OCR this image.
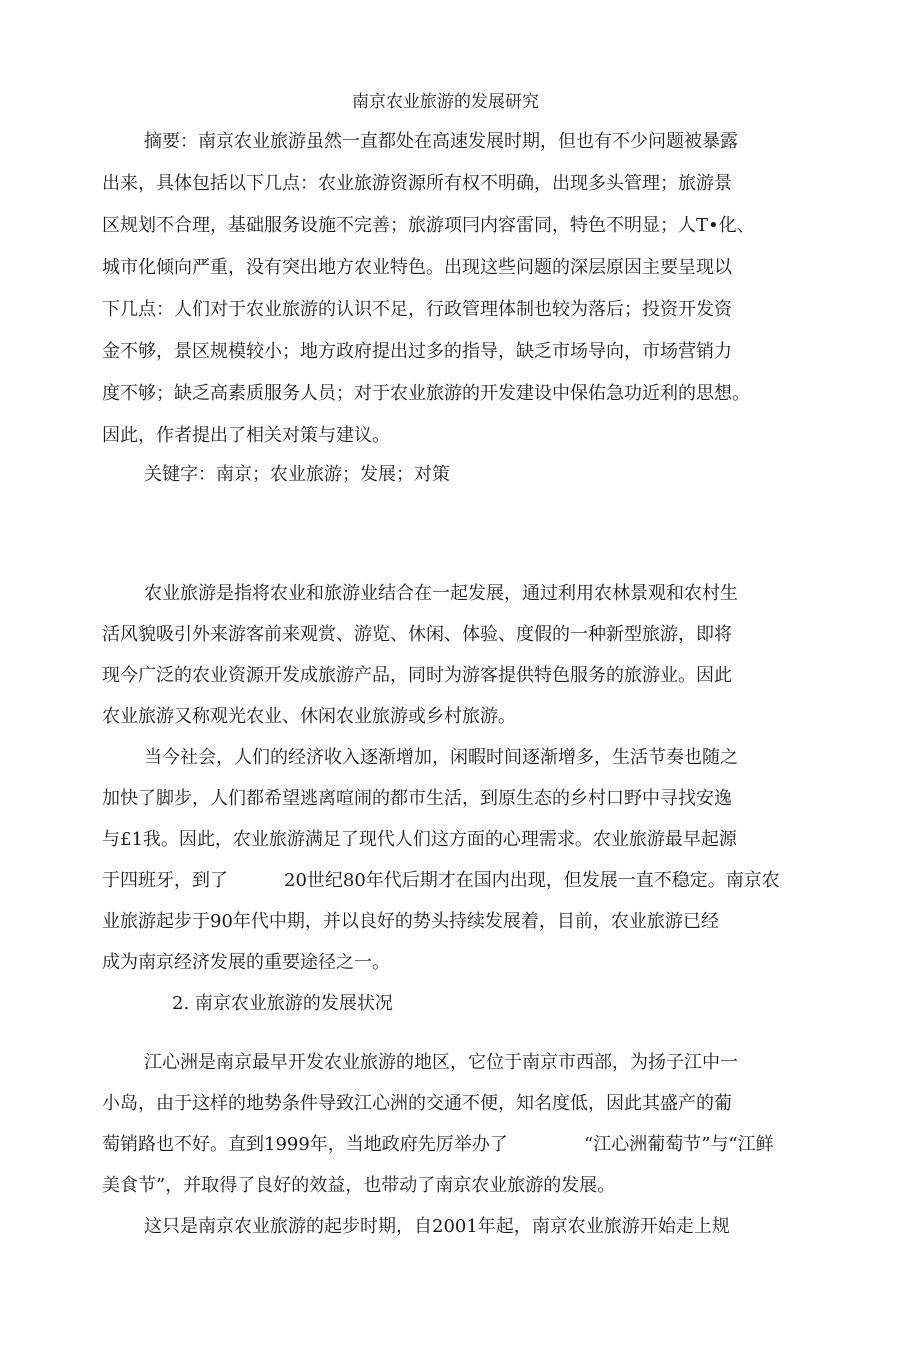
南京农业旅游的发展研究
摘要：南京农业旅游虽然一直都处在高速发展时期，但也有不少问题被暴露
出来，具体包括以下几点：农业旅游资源所有权不明确，出现多头管理；旅游景
区规划不合理，基础服务设施不完善；旅游项冃内容雷同，特色不明显；人T•化、
城市化倾向严重，没有突出地方农业特色。出现这些问题的深层原因主要呈现以
下几点：人们对于农业旅游的认识不足，行政管理体制也较为落后；投资开发资
金不够，景区规模较小；地方政府提出过多的指导，缺乏市场导向，市场营销力
度不够；缺乏高素质服务人员；对于农业旅游的开发建设中保佑急功近利的思想。
因此，作者提出了相关对策与建议。
关键字：南京；农业旅游；发展；对策
农业旅游是指将农业和旅游业结合在一起发展，通过利用农林景观和农村生
活风貌吸引外来游客前来观赏、游览、休闲、体验、度假的一种新型旅游，即将
现今广泛的农业资源开发成旅游产品，同时为游客提供特色服务的旅游业。因此
农业旅游又称观光农业、休闲农业旅游或乡村旅游。
当今社会，人们的经济收入逐渐增加，闲暇时间逐渐增多，生活节奏也随之
加快了脚步，人们都希望逃离喧闹的都市生活，到原生态的乡村口野中寻找安逸
与£1我。因此，农业旅游满足了现代人们这方面的心理需求。农业旅游最早起源
于四班牙，到了	20世纪80年代后期才在国内出现，但发展一直不稳定。南京农
业旅游起步于90年代中期，并以良好的势头持续发展着，目前，农业旅游已经
成为南京经济发展的重要途径之一。
2. 南京农业旅游的发展状况
江心洲是南京最早开发农业旅游的地区，它位于南京市西部，为扬子江中一
小岛，由于这样的地势条件导致江心洲的交通不便，知名度低，因此其盛产的葡
萄销路也不好。直到1999年，当地政府先厉举办了	“江心洲葡萄节”与“江鲜
美食节”，并取得了良好的效益，也带动了南京农业旅游的发展。
这只是南京农业旅游的起步时期，自2001年起，南京农业旅游开始走上规
